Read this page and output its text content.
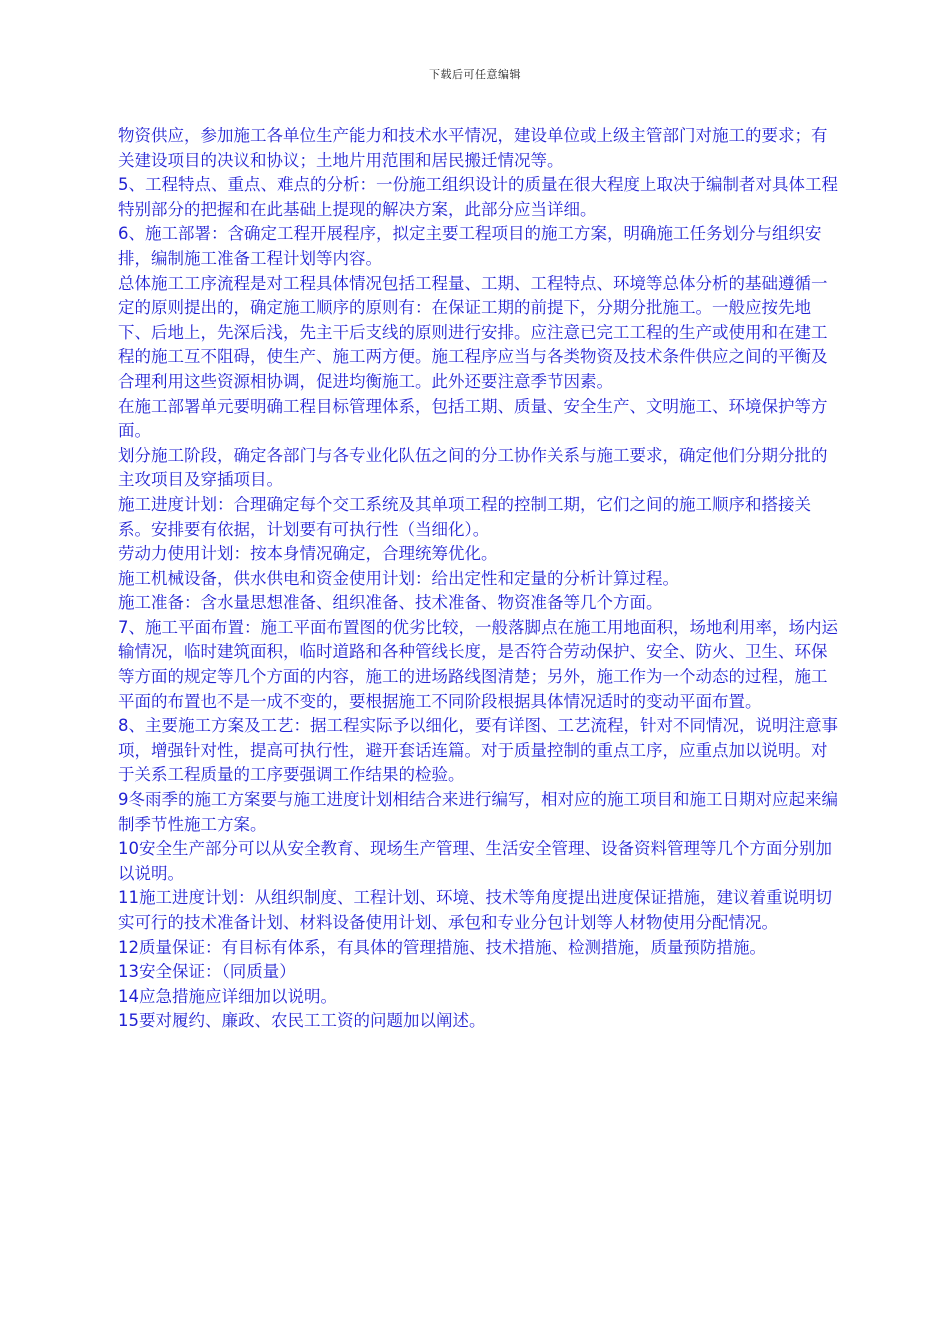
下载后可任意编辑

物资供应，参加施工各单位生产能力和技术水平情况，建设单位或上级主管部门对施工的要求；有关建设项目的决议和协议；土地片用范围和居民搬迁情况等。

5、工程特点、重点、难点的分析：一份施工组织设计的质量在很大程度上取决于编制者对具体工程特别部分的把握和在此基础上提现的解决方案，此部分应当详细。

6、施工部署：含确定工程开展程序，拟定主要工程项目的施工方案，明确施工任务划分与组织安排，编制施工准备工程计划等内容。

总体施工工序流程是对工程具体情况包括工程量、工期、工程特点、环境等总体分析的基础遵循一定的原则提出的，确定施工顺序的原则有：在保证工期的前提下，分期分批施工。一般应按先地下、后地上，先深后浅，先主干后支线的原则进行安排。应注意已完工工程的生产或使用和在建工程的施工互不阻碍，使生产、施工两方便。施工程序应当与各类物资及技术条件供应之间的平衡及合理利用这些资源相协调，促进均衡施工。此外还要注意季节因素。

在施工部署单元要明确工程目标管理体系，包括工期、质量、安全生产、文明施工、环境保护等方面。

划分施工阶段，确定各部门与各专业化队伍之间的分工协作关系与施工要求，确定他们分期分批的主攻项目及穿插项目。

施工进度计划：合理确定每个交工系统及其单项工程的控制工期，它们之间的施工顺序和搭接关系。安排要有依据，计划要有可执行性（当细化）。

劳动力使用计划：按本身情况确定，合理统筹优化。

施工机械设备，供水供电和资金使用计划：给出定性和定量的分析计算过程。

施工准备：含水量思想准备、组织准备、技术准备、物资准备等几个方面。

7、施工平面布置：施工平面布置图的优劣比较，一般落脚点在施工用地面积，场地利用率，场内运输情况，临时建筑面积，临时道路和各种管线长度，是否符合劳动保护、安全、防火、卫生、环保等方面的规定等几个方面的内容，施工的进场路线图清楚；另外，施工作为一个动态的过程，施工平面的布置也不是一成不变的，要根据施工不同阶段根据具体情况适时的变动平面布置。

8、主要施工方案及工艺：据工程实际予以细化，要有详图、工艺流程，针对不同情况，说明注意事项，增强针对性，提高可执行性，避开套话连篇。对于质量控制的重点工序，应重点加以说明。对于关系工程质量的工序要强调工作结果的检验。

9冬雨季的施工方案要与施工进度计划相结合来进行编写，相对应的施工项目和施工日期对应起来编制季节性施工方案。

10安全生产部分可以从安全教育、现场生产管理、生活安全管理、设备资料管理等几个方面分别加以说明。

11施工进度计划：从组织制度、工程计划、环境、技术等角度提出进度保证措施，建议着重说明切实可行的技术准备计划、材料设备使用计划、承包和专业分包计划等人材物使用分配情况。

12质量保证：有目标有体系，有具体的管理措施、技术措施、检测措施，质量预防措施。

13安全保证：（同质量）

14应急措施应详细加以说明。

15要对履约、廉政、农民工工资的问题加以阐述。
